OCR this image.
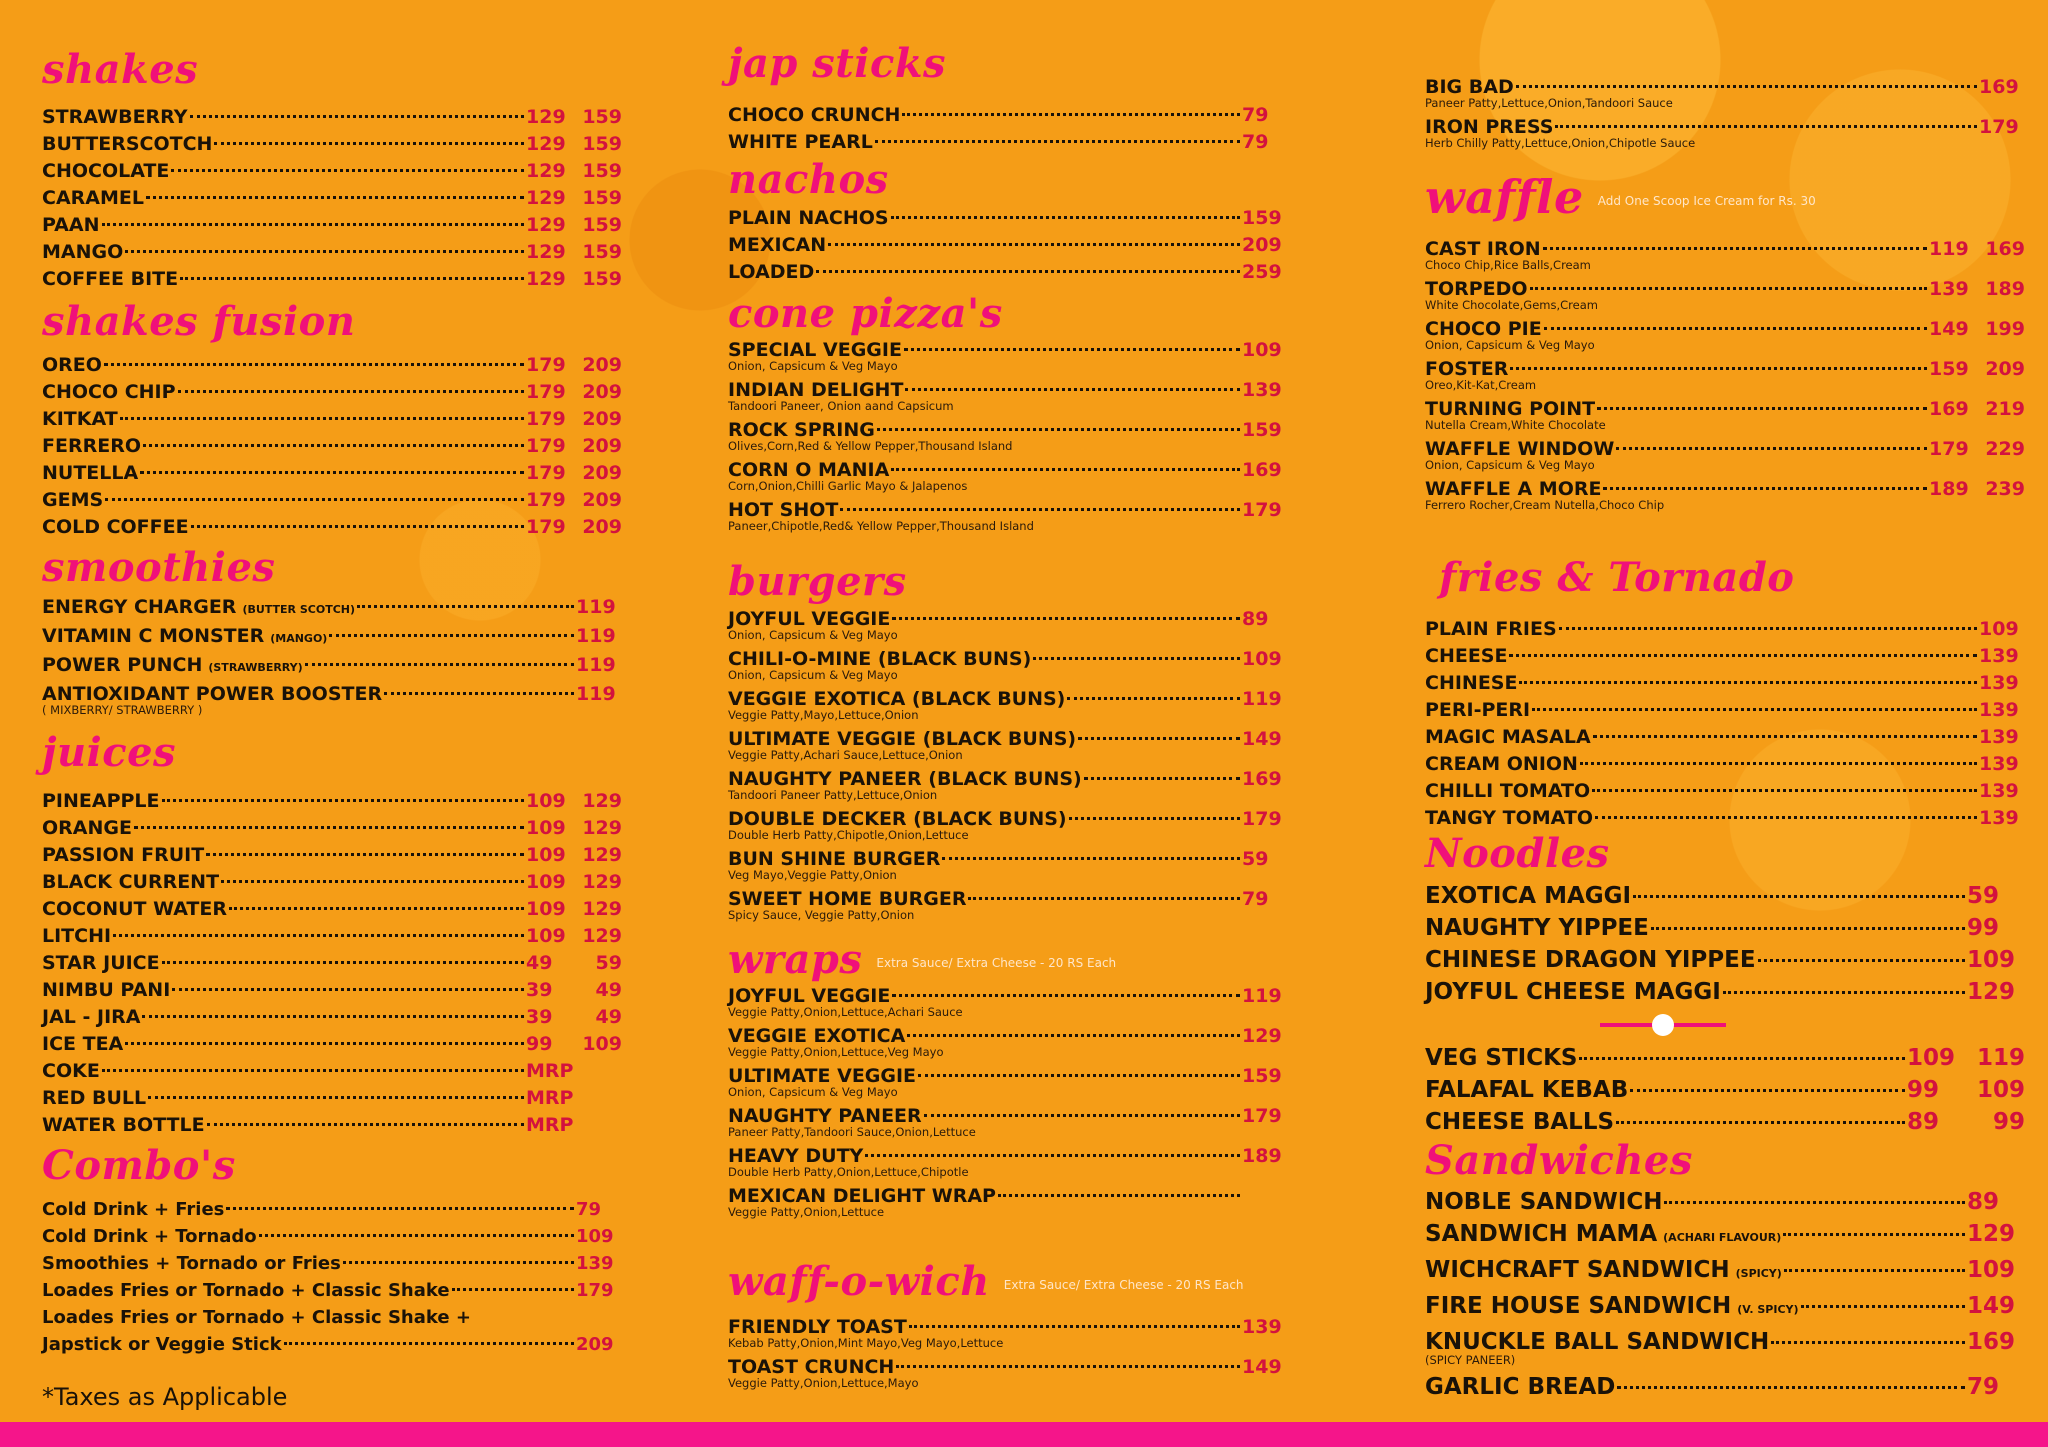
shakes
STRAWBERRY	129 159
BUTTERSCOTCH	129 159
CHOCOLATE	129 159
CARAMEL	129 159
PAAN	129 159
MANGO	129 159
COFFEE BITE	129 159
shakes fusion
OREO	179 209
CHOCO CHIP	179 209
KITKAT	179 209
FERRERO	179 209
NUTELLA	179 209
GEMS	179 209
COLD COFFEE	179 209
smoothies
ENERGY CHARGER (BUTTER SCOTCH)	119
VITAMIN C MONSTER (MANGO)	119
POWER PUNCH (STRAWBERRY)	119
ANTIOXIDANT POWER BOOSTER	119
( MIXBERRY/ STRAWBERRY )
juices
PINEAPPLE	109 129
ORANGE	109 129
PASSION FRUIT	109 129
BLACK CURRENT	109 129
COCONUT WATER	109 129
LITCHI	109 129
STAR JUICE	49	59
NIMBU PANI	39	49
JAL - JIRA	39	49
ICE TEA	99	109
COKE	MRP
RED BULL	MRP
WATER BOTTLE	MRP
Combo's
Cold Drink + Fries	79
Cold Drink + Tornado	109
Smoothies + Tornado or Fries	139
Loades Fries or Tornado + Classic Shake	179
Loades Fries or Tornado + Classic Shake +
Japstick or Veggie Stick	209
*Taxes as Applicable
jap sticks
CHOCO CRUNCH	79
WHITE PEARL	79
nachos
PLAIN NACHOS	159
MEXICAN	209
LOADED	259
cone pizza's
SPECIAL VEGGIE	109
Onion, Capsicum & Veg Mayo
INDIAN DELIGHT	139
Tandoori Paneer, Onion aand Capsicum
ROCK SPRING	159
Olives,Corn,Red & Yellow Pepper,Thousand Island
CORN O MANIA	169
Corn,Onion,Chilli Garlic Mayo & Jalapenos
HOT SHOT	179
Paneer,Chipotle,Red& Yellow Pepper,Thousand Island
burgers
JOYFUL VEGGIE	89
Onion, Capsicum & Veg Mayo
CHILI-O-MINE (BLACK BUNS)	109
Onion, Capsicum & Veg Mayo
VEGGIE EXOTICA (BLACK BUNS)	119
Veggie Patty,Mayo,Lettuce,Onion
ULTIMATE VEGGIE (BLACK BUNS)	149
Veggie Patty,Achari Sauce,Lettuce,Onion
NAUGHTY PANEER (BLACK BUNS)	169
Tandoori Paneer Patty,Lettuce,Onion
DOUBLE DECKER (BLACK BUNS)	179
Double Herb Patty,Chipotle,Onion,Lettuce
BUN SHINE BURGER	59
Veg Mayo,Veggie Patty,Onion
SWEET HOME BURGER	79
Spicy Sauce, Veggie Patty,Onion
wraps Extra Sauce/ Extra Cheese - 20 RS Each
JOYFUL VEGGIE	119
Veggie Patty,Onion,Lettuce,Achari Sauce
VEGGIE EXOTICA	129
Veggie Patty,Onion,Lettuce,Veg Mayo
ULTIMATE VEGGIE	159
Onion, Capsicum & Veg Mayo
NAUGHTY PANEER	179
Paneer Patty,Tandoori Sauce,Onion,Lettuce
HEAVY DUTY	189
Double Herb Patty,Onion,Lettuce,Chipotle
MEXICAN DELIGHT WRAP
Veggie Patty,Onion,Lettuce
waff-o-wich Extra Sauce/ Extra Cheese - 20 RS Each
FRIENDLY TOAST	139
Kebab Patty,Onion,Mint Mayo,Veg Mayo,Lettuce
TOAST CRUNCH	149
Veggie Patty,Onion,Lettuce,Mayo
BIG BAD	169
Paneer Patty,Lettuce,Onion,Tandoori Sauce
IRON PRESS	179
Herb Chilly Patty,Lettuce,Onion,Chipotle Sauce
waffle Add One Scoop Ice Cream for Rs. 30
CAST IRON	119 169
Choco Chip,Rice Balls,Cream
TORPEDO	139 189
White Chocolate,Gems,Cream
CHOCO PIE	149 199
Onion, Capsicum & Veg Mayo
FOSTER	159 209
Oreo,Kit-Kat,Cream
TURNING POINT	169 219
Nutella Cream,White Chocolate
WAFFLE WINDOW	179 229
Onion, Capsicum & Veg Mayo
WAFFLE A MORE	189 239
Ferrero Rocher,Cream Nutella,Choco Chip
fries & Tornado
PLAIN FRIES	109
CHEESE	139
CHINESE	139
PERI-PERI	139
MAGIC MASALA	139
CREAM ONION	139
CHILLI TOMATO	139
TANGY TOMATO	139
Noodles
EXOTICA MAGGI	59
NAUGHTY YIPPEE	99
CHINESE DRAGON YIPPEE	109
JOYFUL CHEESE MAGGI	129
VEG STICKS	109 119
FALAFAL KEBAB	99	109
CHEESE BALLS	89	99
Sandwiches
NOBLE SANDWICH	89
SANDWICH MAMA (ACHARI FLAVOUR)	129
WICHCRAFT SANDWICH (SPICY)	109
FIRE HOUSE SANDWICH (V. SPICY)	149
KNUCKLE BALL SANDWICH	169
(SPICY PANEER)
GARLIC BREAD	79
